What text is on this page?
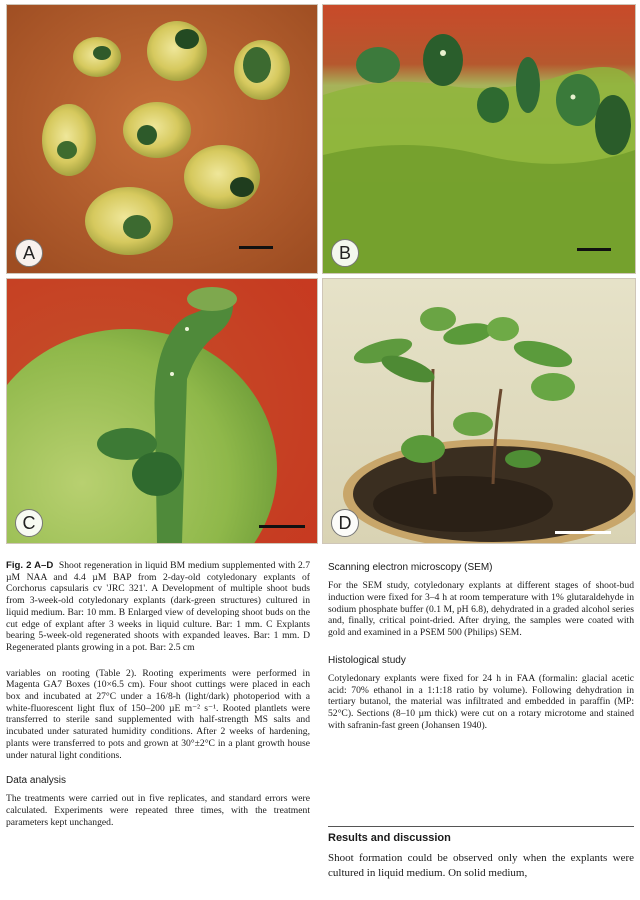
A	B
C	D

Fig. 2 A–D Shoot regeneration in liquid BM medium supplemented with 2.7 µM NAA and 4.4 µM BAP from 2-day-old cotyledonary explants of Corchorus capsularis cv 'JRC 321'. A Development of multiple shoot buds from 3-week-old cotyledonary explants (dark-green structures) cultured in liquid medium. Bar: 10 mm. B Enlarged view of developing shoot buds on the cut edge of explant after 3 weeks in liquid culture. Bar: 1 mm. C Explants bearing 5-week-old regenerated shoots with expanded leaves. Bar: 1 mm. D Regenerated plants growing in a pot. Bar: 2.5 cm

variables on rooting (Table 2). Rooting experiments were performed in Magenta GA7 Boxes (10×6.5 cm). Four shoot cuttings were placed in each box and incubated at 27°C under a 16/8-h (light/dark) photoperiod with a white-fluorescent light flux of 150–200 µE m⁻² s⁻¹. Rooted plantlets were transferred to sterile sand supplemented with half-strength MS salts and incubated under saturated humidity conditions. After 2 weeks of hardening, plants were transferred to pots and grown at 30°±2°C in a plant growth house under natural light conditions.

Data analysis

The treatments were carried out in five replicates, and standard errors were calculated. Experiments were repeated three times, with the treatment parameters kept unchanged.

Scanning electron microscopy (SEM)

For the SEM study, cotyledonary explants at different stages of shoot-bud induction were fixed for 3–4 h at room temperature with 1% glutaraldehyde in sodium phosphate buffer (0.1 M, pH 6.8), dehydrated in a graded alcohol series and, finally, critical point-dried. After drying, the samples were coated with gold and examined in a PSEM 500 (Philips) SEM.

Histological study

Cotyledonary explants were fixed for 24 h in FAA (formalin: glacial acetic acid: 70% ethanol in a 1:1:18 ratio by volume). Following dehydration in tertiary butanol, the material was infiltrated and embedded in paraffin (MP: 52°C). Sections (8–10 µm thick) were cut on a rotary microtome and stained with safranin-fast green (Johansen 1940).

Results and discussion

Shoot formation could be observed only when the explants were cultured in liquid medium. On solid medium,
